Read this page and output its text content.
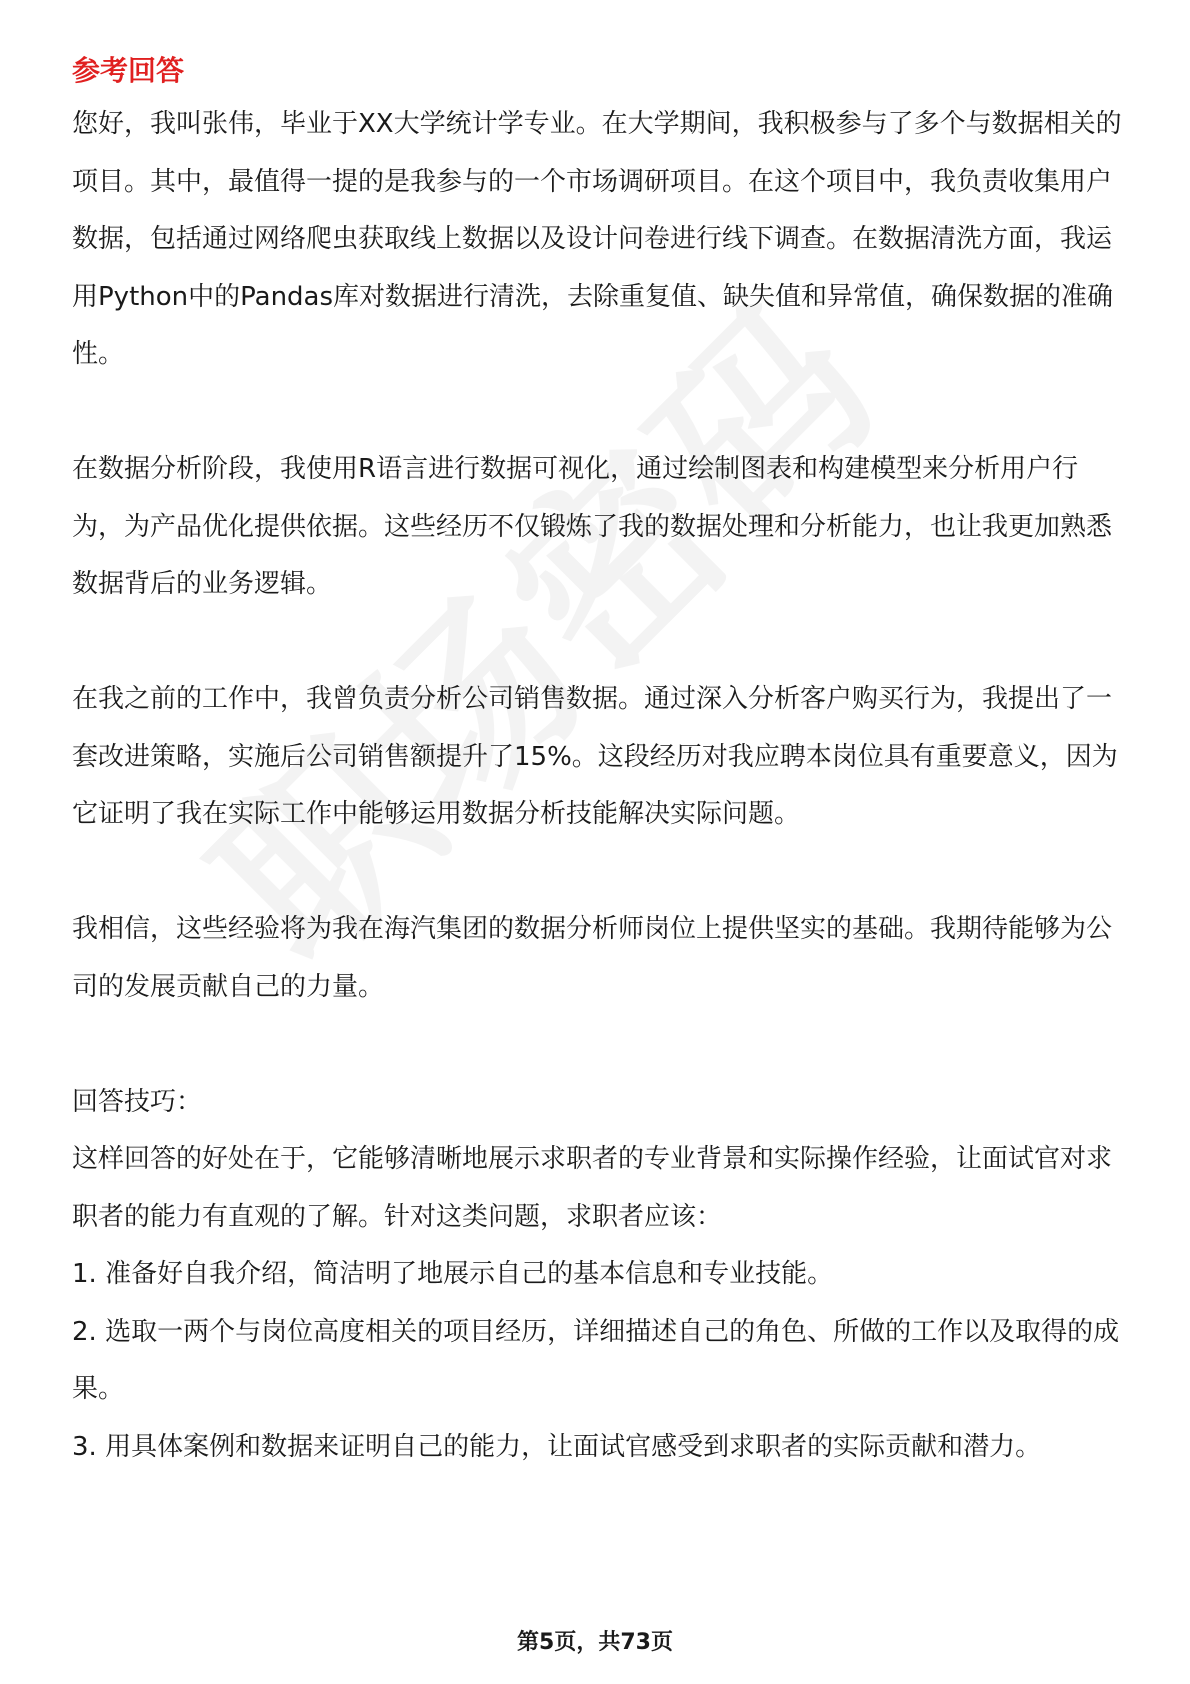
参考回答

您好，我叫张伟，毕业于XX大学统计学专业。在大学期间，我积极参与了多个与数据相关的项目。其中，最值得一提的是我参与的一个市场调研项目。在这个项目中，我负责收集用户数据，包括通过网络爬虫获取线上数据以及设计问卷进行线下调查。在数据清洗方面，我运用Python中的Pandas库对数据进行清洗，去除重复值、缺失值和异常值，确保数据的准确性。

在数据分析阶段，我使用R语言进行数据可视化，通过绘制图表和构建模型来分析用户行为，为产品优化提供依据。这些经历不仅锻炼了我的数据处理和分析能力，也让我更加熟悉数据背后的业务逻辑。

在我之前的工作中，我曾负责分析公司销售数据。通过深入分析客户购买行为，我提出了一套改进策略，实施后公司销售额提升了15%。这段经历对我应聘本岗位具有重要意义，因为它证明了我在实际工作中能够运用数据分析技能解决实际问题。

我相信，这些经验将为我在海汽集团的数据分析师岗位上提供坚实的基础。我期待能够为公司的发展贡献自己的力量。

回答技巧：

这样回答的好处在于，它能够清晰地展示求职者的专业背景和实际操作经验，让面试官对求职者的能力有直观的了解。针对这类问题，求职者应该：

1. 准备好自我介绍，简洁明了地展示自己的基本信息和专业技能。

2. 选取一两个与岗位高度相关的项目经历，详细描述自己的角色、所做的工作以及取得的成果。

3. 用具体案例和数据来证明自己的能力，让面试官感受到求职者的实际贡献和潜力。

第5页，共73页
